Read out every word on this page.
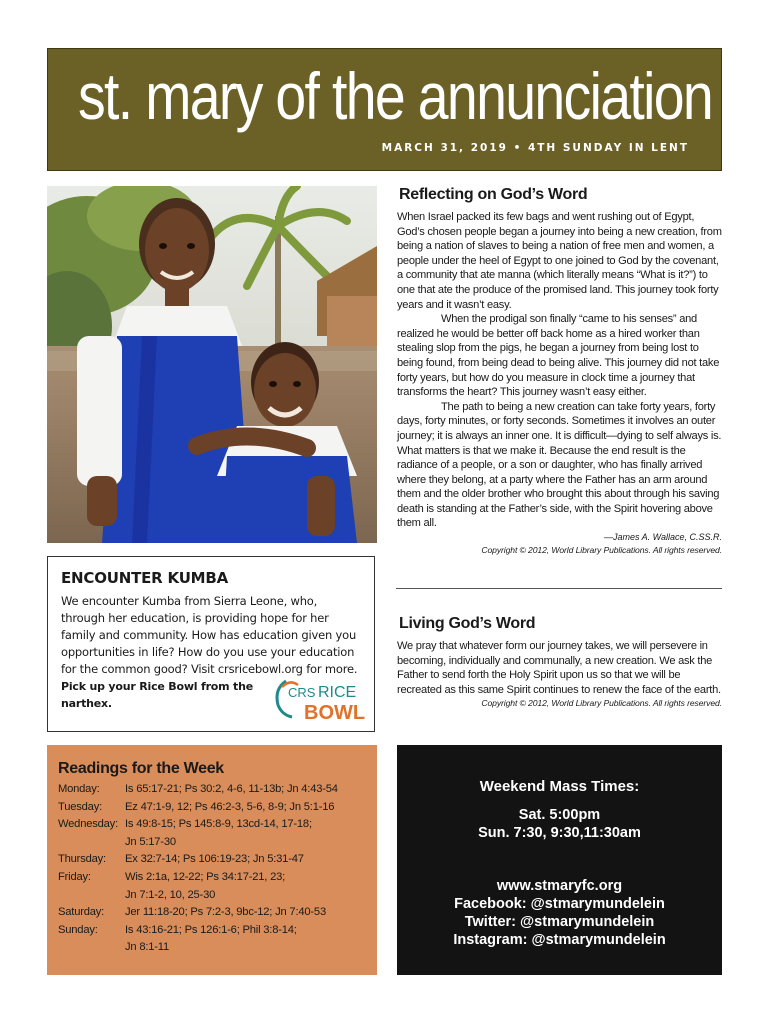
st. mary of the annunciation
MARCH 31, 2019 • 4TH SUNDAY IN LENT
Reflecting on God’s Word

When Israel packed its few bags and went rushing out of Egypt, God’s chosen people began a journey into being a new creation, from being a nation of slaves to being a nation of free men and women, a people under the heel of Egypt to one joined to God by the covenant, a community that ate manna (which literally means “What is it?”) to one that ate the produce of the promised land. This journey took forty years and it wasn’t easy.

When the prodigal son finally “came to his senses” and realized he would be better off back home as a hired worker than stealing slop from the pigs, he began a journey from being lost to being found, from being dead to being alive. This journey did not take forty years, but how do you measure in clock time a journey that transforms the heart? This journey wasn’t easy either.

The path to being a new creation can take forty years, forty days, forty minutes, or forty seconds. Sometimes it involves an outer journey; it is always an inner one. It is difficult—dying to self always is. What matters is that we make it. Because the end result is the radiance of a people, or a son or daughter, who has finally arrived where they belong, at a party where the Father has an arm around them and the older brother who brought this about through his saving death is standing at the Father’s side, with the Spirit hovering above them all.

—James A. Wallace, C.SS.R.
Copyright © 2012, World Library Publications. All rights reserved.
ENCOUNTER KUMBA
We encounter Kumba from Sierra Leone, who, through her education, is providing hope for her family and community. How has education given you opportunities in life? How do you use your education for the common good? Visit crsricebowl.org for more.
Pick up your Rice Bowl from the narthex.
CRS RICE
BOWL
Living God’s Word
We pray that whatever form our journey takes, we will persevere in becoming, individually and communally, a new creation. We ask the Father to send forth the Holy Spirit upon us so that we will be recreated as this same Spirit continues to renew the face of the earth.
Copyright © 2012, World Library Publications. All rights reserved.
Readings for the Week
Monday:	Is 65:17-21; Ps 30:2, 4-6, 11-13b; Jn 4:43-54
Tuesday:	Ez 47:1-9, 12; Ps 46:2-3, 5-6, 8-9; Jn 5:1-16
Wednesday: Is 49:8-15; Ps 145:8-9, 13cd-14, 17-18;
Jn 5:17-30
Thursday:	Ex 32:7-14; Ps 106:19-23; Jn 5:31-47
Friday:	Wis 2:1a, 12-22; Ps 34:17-21, 23;
Jn 7:1-2, 10, 25-30
Saturday:	Jer 11:18-20; Ps 7:2-3, 9bc-12; Jn 7:40-53
Sunday:	Is 43:16-21; Ps 126:1-6; Phil 3:8-14;
Jn 8:1-11
Weekend Mass Times:
Sat. 5:00pm
Sun. 7:30, 9:30,11:30am
www.stmaryfc.org
Facebook: @stmarymundelein
Twitter: @stmarymundelein
Instagram: @stmarymundelein
